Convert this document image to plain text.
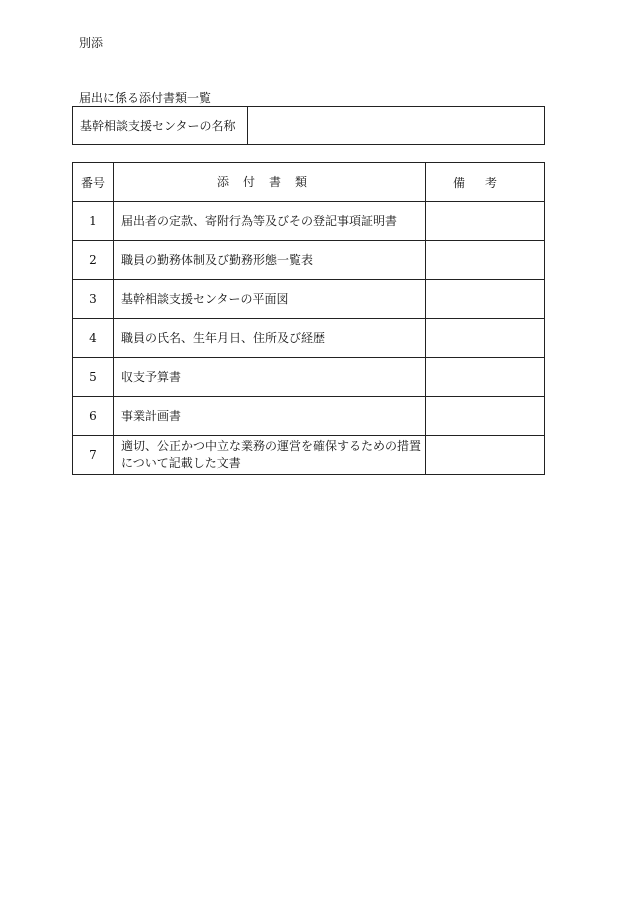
別添
届出に係る添付書類一覧
基幹相談支援センターの名称	
番号	添付書類	備考
1	届出者の定款、寄附行為等及びその登記事項証明書	
2	職員の勤務体制及び勤務形態一覧表	
3	基幹相談支援センターの平面図	
4	職員の氏名、生年月日、住所及び経歴	
5	収支予算書	
6	事業計画書	
7	適切、公正かつ中立な業務の運営を確保するための措置について記載した文書	
